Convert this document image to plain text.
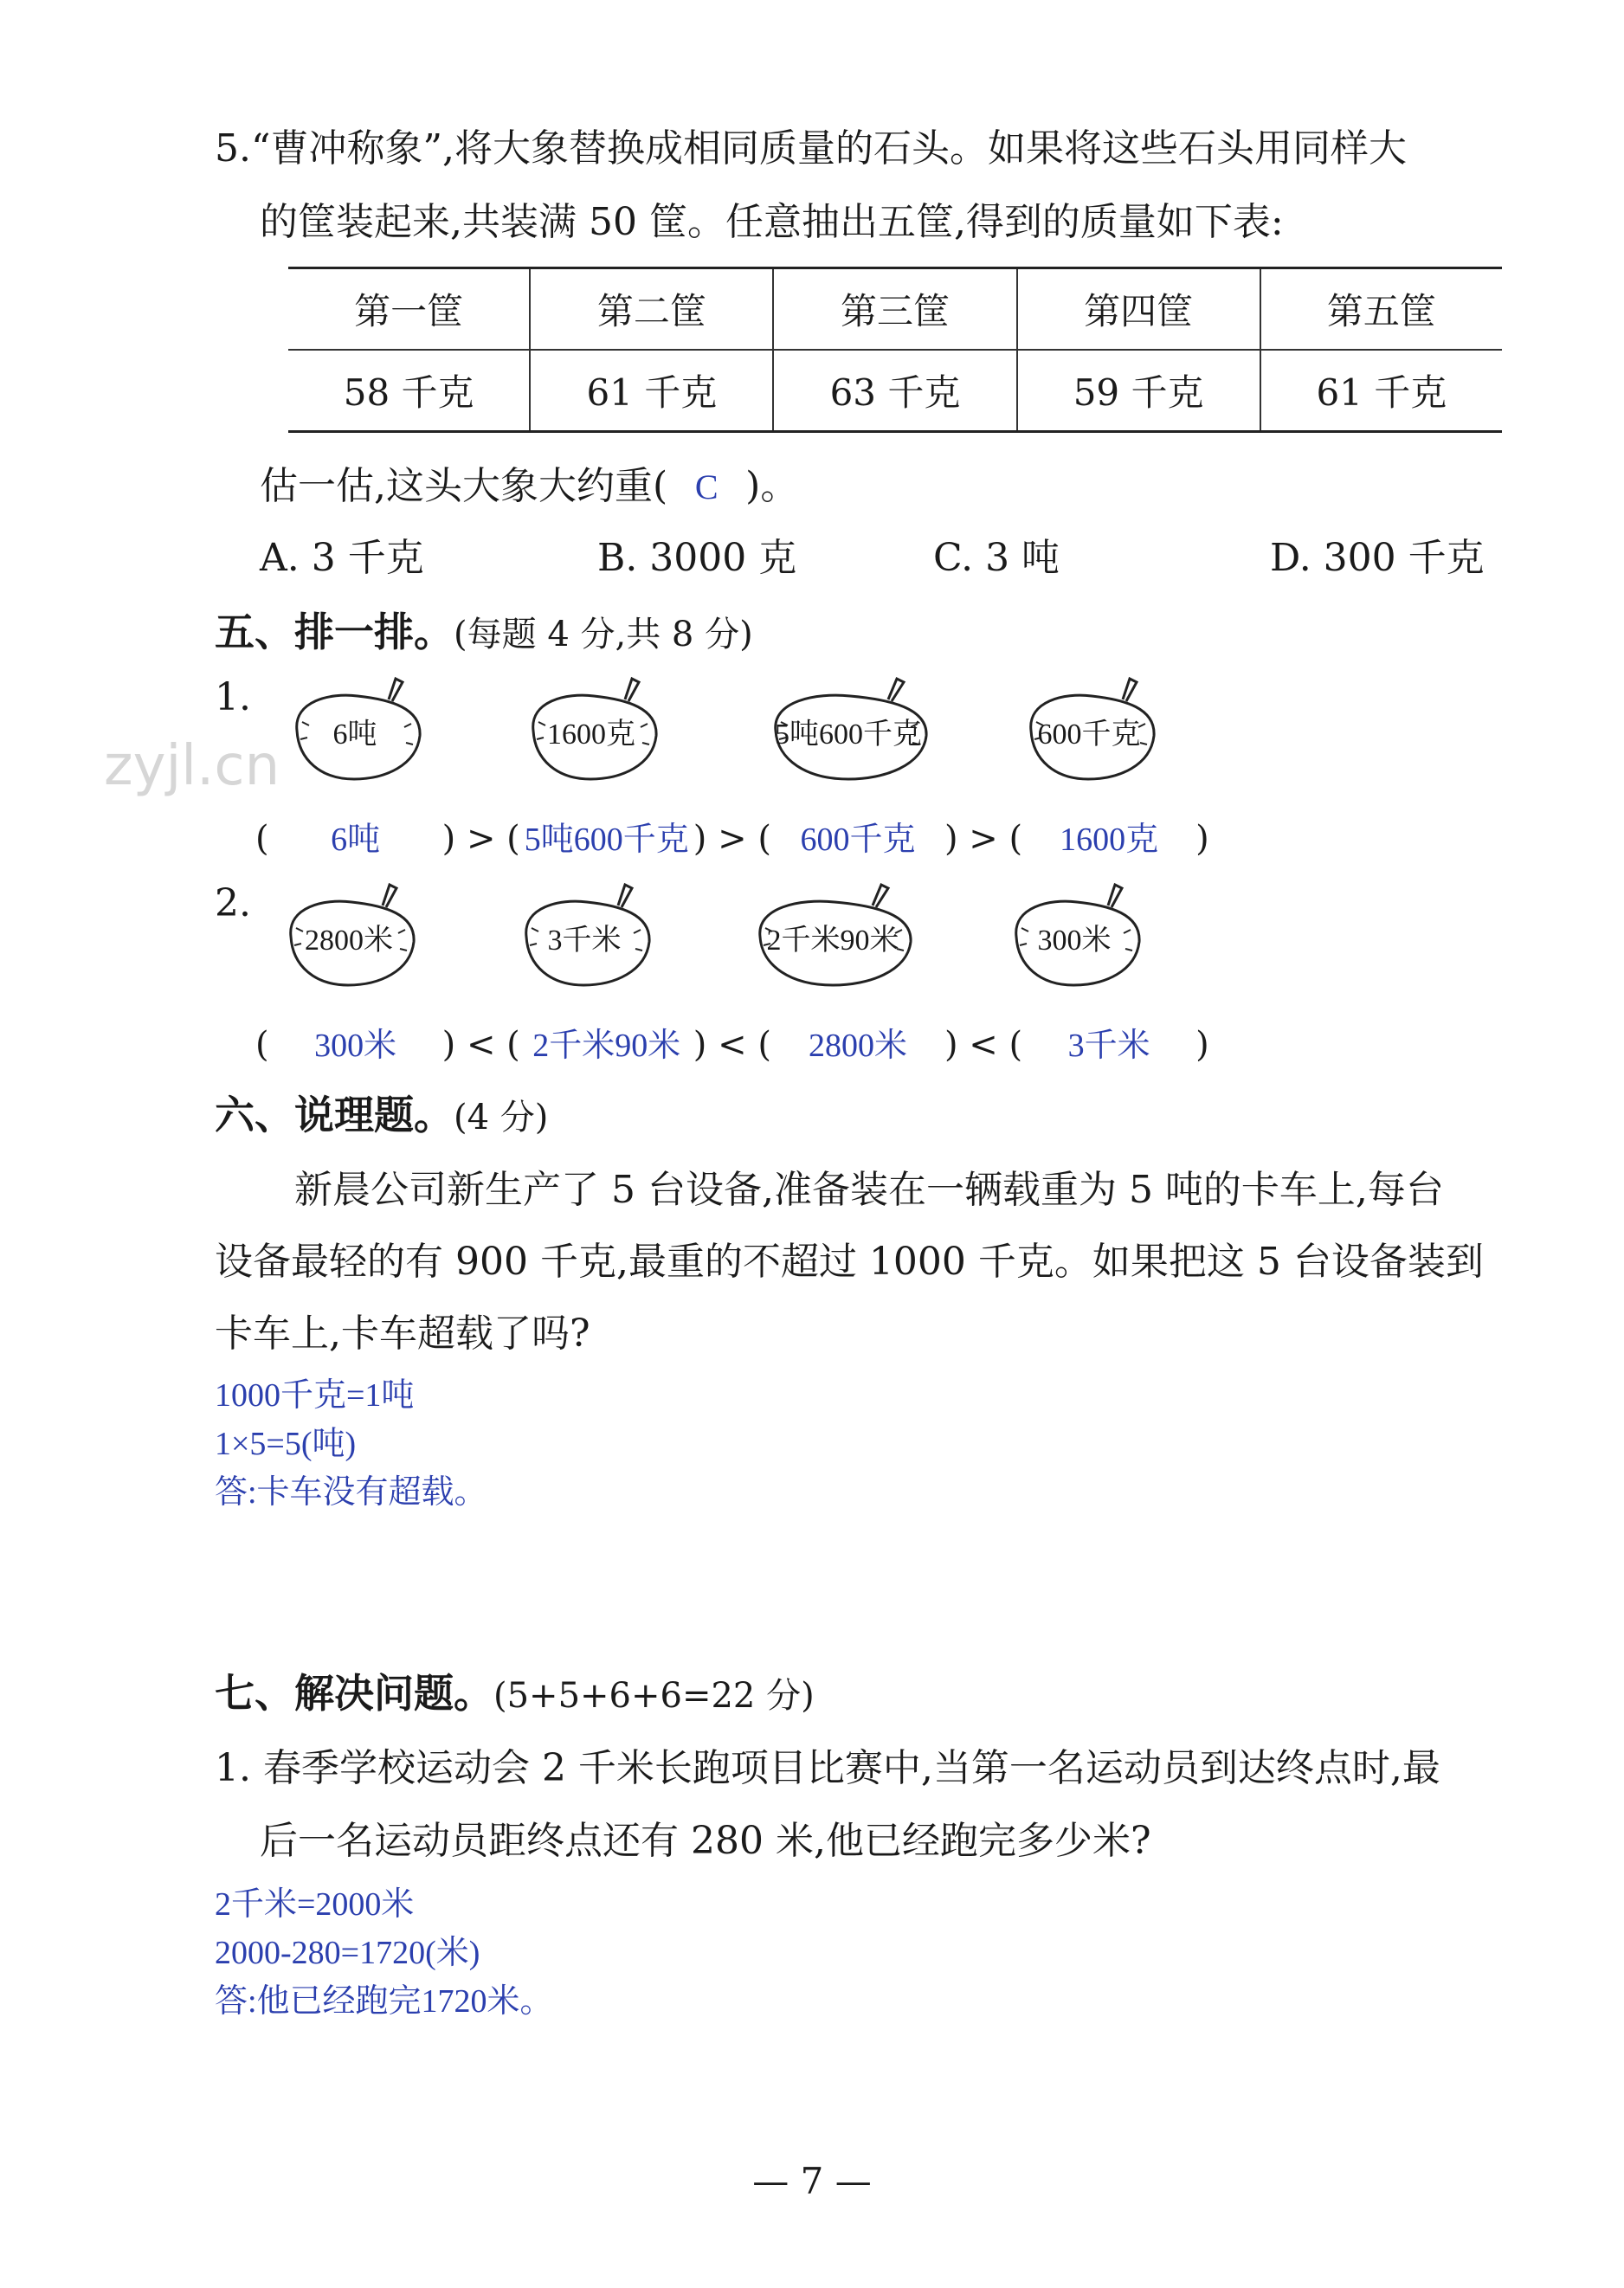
5.“曹冲称象”,将大象替换成相同质量的石头。如果将这些石头用同样大
的筐装起来,共装满 50 筐。任意抽出五筐,得到的质量如下表:
第一筐	第二筐	第三筐	第四筐	第五筐
58 千克	61 千克	63 千克	59 千克	61 千克
估一估,这头大象大约重( C )。
A. 3 千克	B. 3000 克	C. 3 吨	D. 300 千克
五、排一排。(每题 4 分,共 8 分)
1.
zyjl.cn	6吨	1600克	5吨600千克	600千克
( 6吨 ) > ( 5吨600千克 ) > ( 600千克 ) > ( 1600克 )
2.
2800米	3千米	2千米90米	300米
( 300米 ) < ( 2千米90米 ) < ( 2800米 ) < ( 3千米 )
六、说理题。(4 分)
新晨公司新生产了 5 台设备,准备装在一辆载重为 5 吨的卡车上,每台
设备最轻的有 900 千克,最重的不超过 1000 千克。如果把这 5 台设备装到
卡车上,卡车超载了吗?
1000千克=1吨
1×5=5(吨)
答:卡车没有超载。
七、解决问题。(5+5+6+6=22 分)
1. 春季学校运动会 2 千米长跑项目比赛中,当第一名运动员到达终点时,最
后一名运动员距终点还有 280 米,他已经跑完多少米?
2千米=2000米
2000-280=1720(米)
答:他已经跑完1720米。
— 7 —
